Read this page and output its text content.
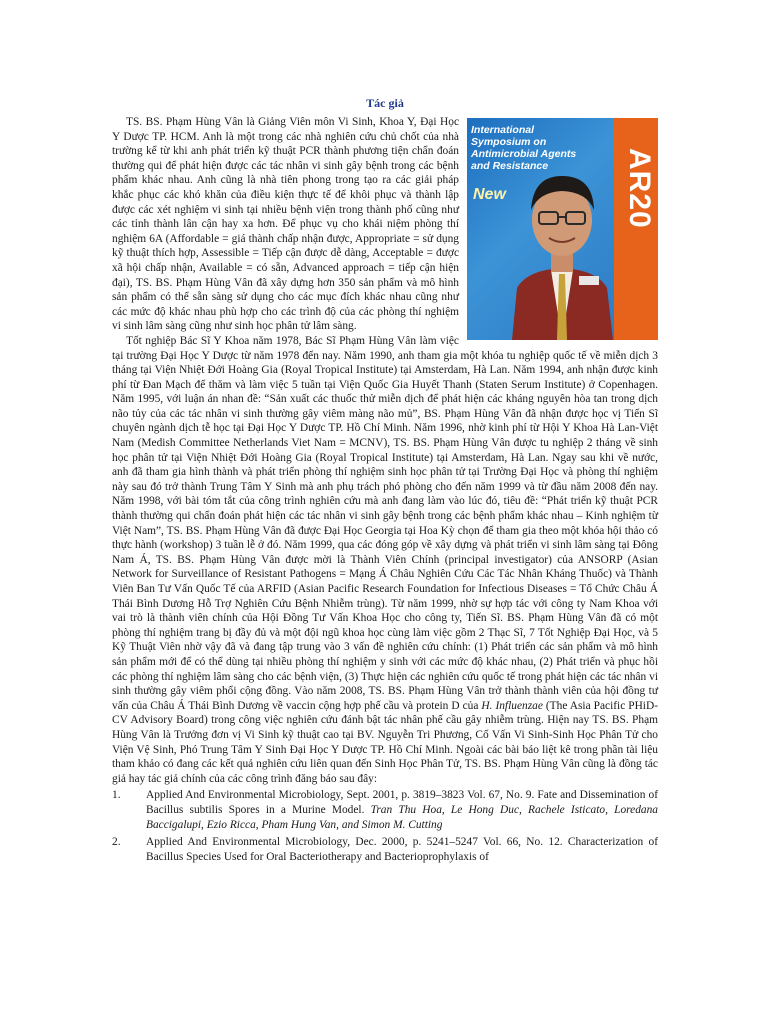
Tác giả

International Symposium on Antimicrobial Agents and Resistance
New	AR20

TS. BS. Phạm Hùng Vân là Giảng Viên môn Vi Sinh, Khoa Y, Đại Học Y Dược TP. HCM. Anh là một trong các nhà nghiên cứu chủ chốt của nhà trường kể từ khi anh phát triển kỹ thuật PCR thành phương tiện chẩn đoán thường qui để phát hiện được các tác nhân vi sinh gây bệnh trong các bệnh phẩm khác nhau. Anh cũng là nhà tiên phong trong tạo ra các giải pháp khắc phục các khó khăn của điều kiện thực tế để khôi phục và thành lập được các xét nghiệm vi sinh tại nhiều bệnh viện trong thành phố cũng như các tỉnh thành lân cận hay xa hơn. Để phục vụ cho khái niệm phòng thí nghiệm 6A (Affordable = giá thành chấp nhận được, Appropriate = sử dụng kỹ thuật thích hợp, Assessible = Tiếp cận được dễ dàng, Acceptable = được xã hội chấp nhận, Available = có sẵn, Advanced approach = tiếp cận hiện đại), TS. BS. Phạm Hùng Vân đã xây dựng hơn 350 sản phẩm và mô hình sản phẩm có thể sẵn sàng sử dụng cho các mục đích khác nhau cũng như các mức độ khác nhau phù hợp cho các trình độ của các phòng thí nghiệm vi sinh lâm sàng cũng như sinh học phân tử lâm sàng.

Tốt nghiệp Bác Sĩ Y Khoa năm 1978, Bác Sĩ Phạm Hùng Vân làm việc tại trường Đại Học Y Dược từ năm 1978 đến nay. Năm 1990, anh tham gia một khóa tu nghiệp quốc tế về miễn dịch 3 tháng tại Viện Nhiệt Đới Hoàng Gia (Royal Tropical Institute) tại Amsterdam, Hà Lan. Năm 1994, anh nhận được kinh phí từ Đan Mạch để thăm và làm việc 5 tuần tại Viện Quốc Gia Huyết Thanh (Staten Serum Institute) ở Copenhagen. Năm 1995, với luận án nhan đề: “Sản xuất các thuốc thử miễn dịch để phát hiện các kháng nguyên hòa tan trong dịch não tủy của các tác nhân vi sinh thường gây viêm màng não mủ”, BS. Phạm Hùng Vân đã nhận được học vị Tiến Sĩ chuyên ngành dịch tễ học tại Đại Học Y Dược TP. Hồ Chí Minh. Năm 1996, nhờ kinh phí từ Hội Y Khoa Hà Lan-Việt Nam (Medish Committee Netherlands Viet Nam = MCNV), TS. BS. Phạm Hùng Vân được tu nghiệp 2 tháng về sinh học phân tử tại Viện Nhiệt Đới Hoàng Gia (Royal Tropical Institute) tại Amsterdam, Hà Lan. Ngay sau khi về nước, anh đã tham gia hình thành và phát triển phòng thí nghiệm sinh học phân tử tại Trường Đại Học và phòng thí nghiệm này sau đó trở thành Trung Tâm Y Sinh mà anh phụ trách phó phòng cho đến năm 1999 và từ đầu năm 2008 đến nay. Năm 1998, với bài tóm tắt của công trình nghiên cứu mà anh đang làm vào lúc đó, tiêu đề: “Phát triển kỹ thuật PCR thành thường qui chẩn đoán phát hiện các tác nhân vi sinh gây bệnh trong các bệnh phẩm khác nhau – Kinh nghiệm từ Việt Nam”, TS. BS. Phạm Hùng Vân đã được Đại Học Georgia tại Hoa Kỳ chọn để tham gia theo một khóa hội thảo có thực hành (workshop) 3 tuần lễ ở đó. Năm 1999, qua các đóng góp về xây dựng và phát triển vi sinh lâm sàng tại Đông Nam Á, TS. BS. Phạm Hùng Vân được mời là Thành Viên Chính (principal investigator) của ANSORP (Asian Network for Surveillance of Resistant Pathogens = Mạng Á Châu Nghiên Cứu Các Tác Nhân Kháng Thuốc) và Thành Viên Ban Tư Vấn Quốc Tế của ARFID (Asian Pacific Research Foundation for Infectious Diseases = Tổ Chức Châu Á Thái Bình Dương Hỗ Trợ Nghiên Cứu Bệnh Nhiễm trùng). Từ năm 1999, nhờ sự hợp tác với công ty Nam Khoa với vai trò là thành viên chính của Hội Đồng Tư Vấn Khoa Học cho công ty, Tiến Sĩ. BS. Phạm Hùng Vân đã có một phòng thí nghiệm trang bị đầy đủ và một đội ngũ khoa học cùng làm việc gồm 2 Thạc Sĩ, 7 Tốt Nghiệp Đại Học, và 5 Kỹ Thuật Viên nhờ vậy đã và đang tập trung vào 3 vấn đề nghiên cứu chính: (1) Phát triển các sản phẩm và mô hình sản phẩm mới để có thể dùng tại nhiều phòng thí nghiệm y sinh với các mức độ khác nhau, (2) Phát triển và phục hồi các phòng thí nghiệm lâm sàng cho các bệnh viện, (3) Thực hiện các nghiên cứu quốc tế trong phát hiện các tác nhân vi sinh thường gây viêm phổi cộng đồng. Vào năm 2008, TS. BS. Phạm Hùng Vân trở thành thành viên của hội đồng tư vấn của Châu Á Thái Bình Dương về vaccin cộng hợp phế cầu và protein D của H. Influenzae (The Asia Pacific PHiD-CV Advisory Board) trong công việc nghiên cứu đánh bật tác nhân phế cầu gây nhiễm trùng. Hiện nay TS. BS. Phạm Hùng Vân là Trưởng đơn vị Vi Sinh kỹ thuật cao tại BV. Nguyễn Tri Phương, Cố Vấn Vi Sinh-Sinh Học Phân Tử cho Viện Vệ Sinh, Phó Trung Tâm Y Sinh Đại Học Y Dược TP. Hồ Chí Minh. Ngoài các bài báo liệt kê trong phần tài liệu tham khảo có đang các kết quả nghiên cứu liên quan đến Sinh Học Phân Tử, TS. BS. Phạm Hùng Vân cũng là đồng tác giả hay tác giả chính của các công trình đăng báo sau đây:

1. Applied And Environmental Microbiology, Sept. 2001, p. 3819–3823 Vol. 67, No. 9. Fate and Dissemination of Bacillus subtilis Spores in a Murine Model. Tran Thu Hoa, Le Hong Duc, Rachele Isticato, Loredana Baccigalupi, Ezio Ricca, Pham Hung Van, and Simon M. Cutting
2. Applied And Environmental Microbiology, Dec. 2000, p. 5241–5247 Vol. 66, No. 12. Characterization of Bacillus Species Used for Oral Bacteriotherapy and Bacterioprophylaxis of
